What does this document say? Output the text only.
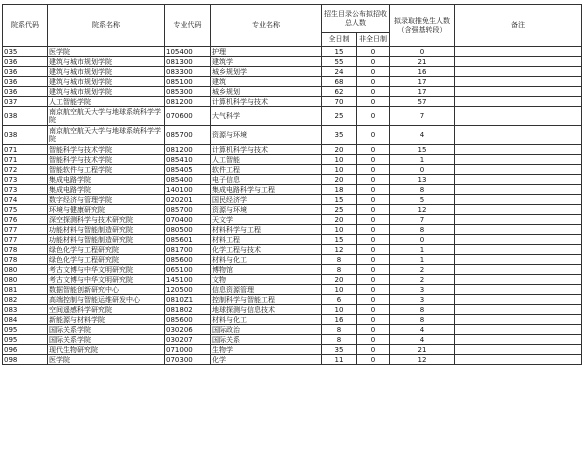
院系代码	院系名称	专业代码	专业名称	招生目录公布拟招收总人数		拟录取推免生人数（含强基转段）	备注
				全日制	非全日制		
035	医学院	105400	护理	15	0	0	
036	建筑与城市规划学院	081300	建筑学	55	0	21	
036	建筑与城市规划学院	083300	城乡规划学	24	0	16	
036	建筑与城市规划学院	085100	建筑	68	0	17	
036	建筑与城市规划学院	085300	城乡规划	62	0	17	
037	人工智能学院	081200	计算机科学与技术	70	0	57	
038	南京航空航天大学与地球系统科学学院	070600	大气科学	25	0	7	
038	南京航空航天大学与地球系统科学学院	085700	资源与环境	35	0	4	
071	智能科学与技术学院	081200	计算机科学与技术	20	0	15	
071	智能科学与技术学院	085410	人工智能	10	0	1	
072	智能软件与工程学院	085405	软件工程	10	0	0	
073	集成电路学院	085400	电子信息	20	0	13	
073	集成电路学院	140100	集成电路科学与工程	18	0	8	
074	数字经济与管理学院	020201	国民经济学	15	0	5	
075	环境与健康研究院	085700	资源与环境	25	0	12	
076	深空探测科学与技术研究院	070400	天文学	20	0	7	
077	功能材料与智能制造研究院	080500	材料科学与工程	10	0	8	
077	功能材料与智能制造研究院	085601	材料工程	15	0	0	
078	绿色化学与工程研究院	081700	化学工程与技术	12	0	1	
078	绿色化学与工程研究院	085600	材料与化工	8	0	1	
080	考古文博与中华文明研究院	065100	博物馆	8	0	2	
080	考古文博与中华文明研究院	145100	文物	20	0	2	
081	数据智能创新研究中心	120500	信息资源管理	10	0	3	
082	高端控制与智能运维研发中心	0810Z1	控制科学与智能工程	6	0	3	
083	空间遥感科学研究院	081802	地球探测与信息技术	10	0	8	
084	新能源与材料学院	085600	材料与化工	16	0	8	
095	国际关系学院	030206	国际政治	8	0	4	
095	国际关系学院	030207	国际关系	8	0	4	
096	现代生物研究院	071000	生物学	35	0	21	
098	医学院	070300	化学	11	0	12	
